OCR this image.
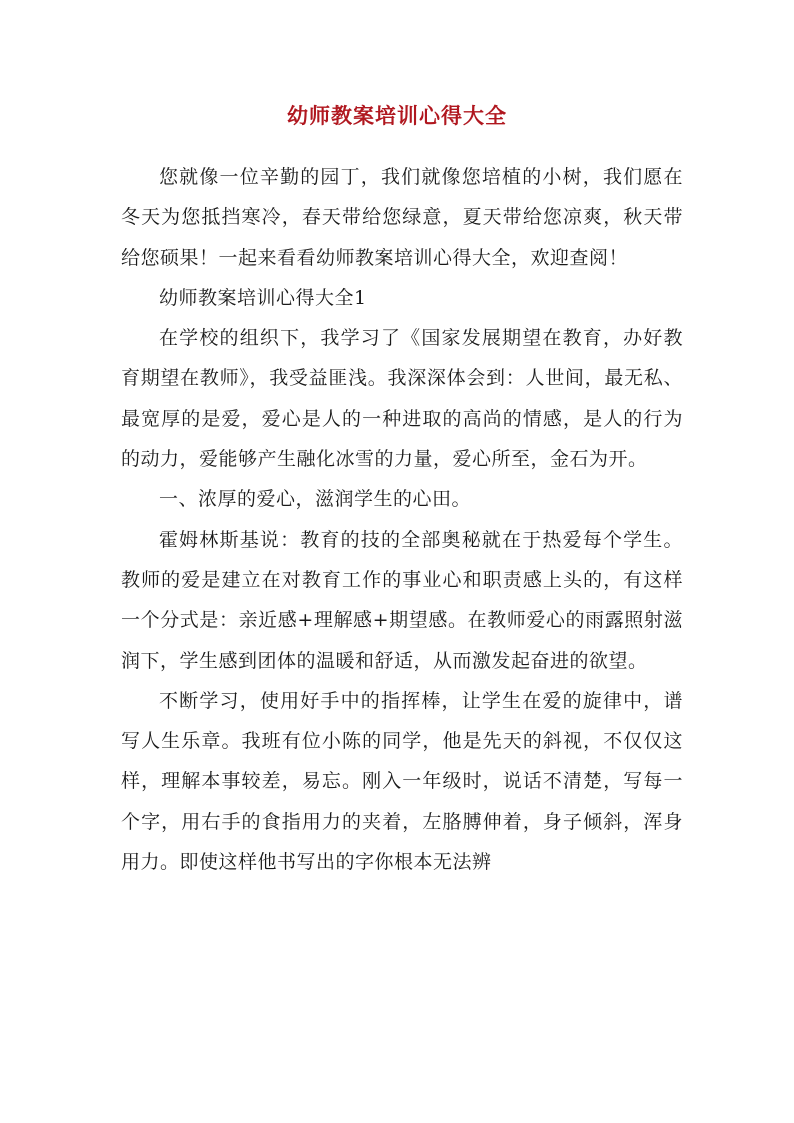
幼师教案培训心得大全

您就像一位辛勤的园丁，我们就像您培植的小树，我们愿在冬天为您抵挡寒冷，春天带给您绿意，夏天带给您凉爽，秋天带给您硕果！一起来看看幼师教案培训心得大全，欢迎查阅！

幼师教案培训心得大全1

在学校的组织下，我学习了《国家发展期望在教育，办好教育期望在教师》，我受益匪浅。我深深体会到：人世间，最无私、最宽厚的是爱，爱心是人的一种进取的高尚的情感，是人的行为的动力，爱能够产生融化冰雪的力量，爱心所至，金石为开。

一、浓厚的爱心，滋润学生的心田。

霍姆林斯基说：教育的技的全部奥秘就在于热爱每个学生。教师的爱是建立在对教育工作的事业心和职责感上头的，有这样一个分式是：亲近感+理解感+期望感。在教师爱心的雨露照射滋润下，学生感到团体的温暖和舒适，从而激发起奋进的欲望。

不断学习，使用好手中的指挥棒，让学生在爱的旋律中，谱写人生乐章。我班有位小陈的同学，他是先天的斜视，不仅仅这样，理解本事较差，易忘。刚入一年级时，说话不清楚，写每一个字，用右手的食指用力的夹着，左胳膊伸着，身子倾斜，浑身用力。即使这样他书写出的字你根本无法辨
